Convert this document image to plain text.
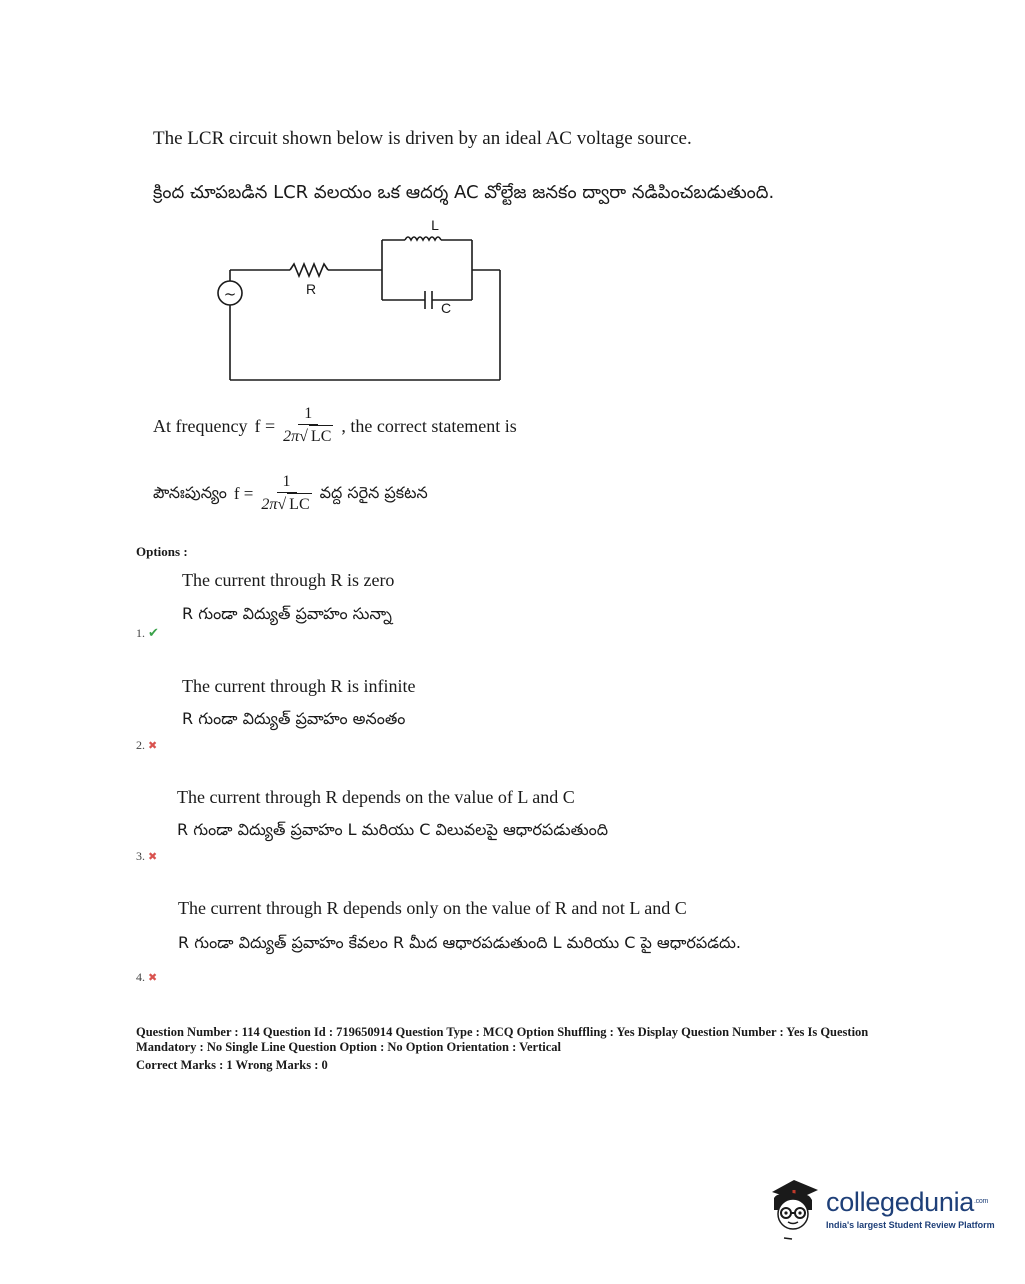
The LCR circuit shown below is driven by an ideal AC voltage source.
క్రింద చూపబడిన LCR వలయం ఒక ఆదర్శ AC వోల్టేజ జనకం ద్వారా నడిపించబడుతుంది.
~
L
R
C
At frequency $f = \frac{1}{2\pi√ LC}$ , the correct statement is
పౌనఃపున్యం $f = \frac{1}{2\pi√ LC}$ వద్ద సరైన ప్రకటన
Options :
The current through R is zero
R గుండా విద్యుత్ ప్రవాహం సున్నా
1. ✔
The current through R is infinite
R గుండా విద్యుత్ ప్రవాహం అనంతం
2. ✖
The current through R depends on the value of L and C
R గుండా విద్యుత్ ప్రవాహం L మరియు C విలువలపై ఆధారపడుతుంది
3. ✖
The current through R depends only on the value of R and not L and C
R గుండా విద్యుత్ ప్రవాహం కేవలం R మీద ఆధారపడుతుంది L మరియు C పై ఆధారపడదు.
4. ✖
Question Number : 114 Question Id : 719650914 Question Type : MCQ Option Shuffling : Yes Display Question Number : Yes Is Question
Mandatory : No Single Line Question Option : No Option Orientation : Vertical
Correct Marks : 1 Wrong Marks : 0
collegedunia$^{.com}$
India's largest Student Review Platform
